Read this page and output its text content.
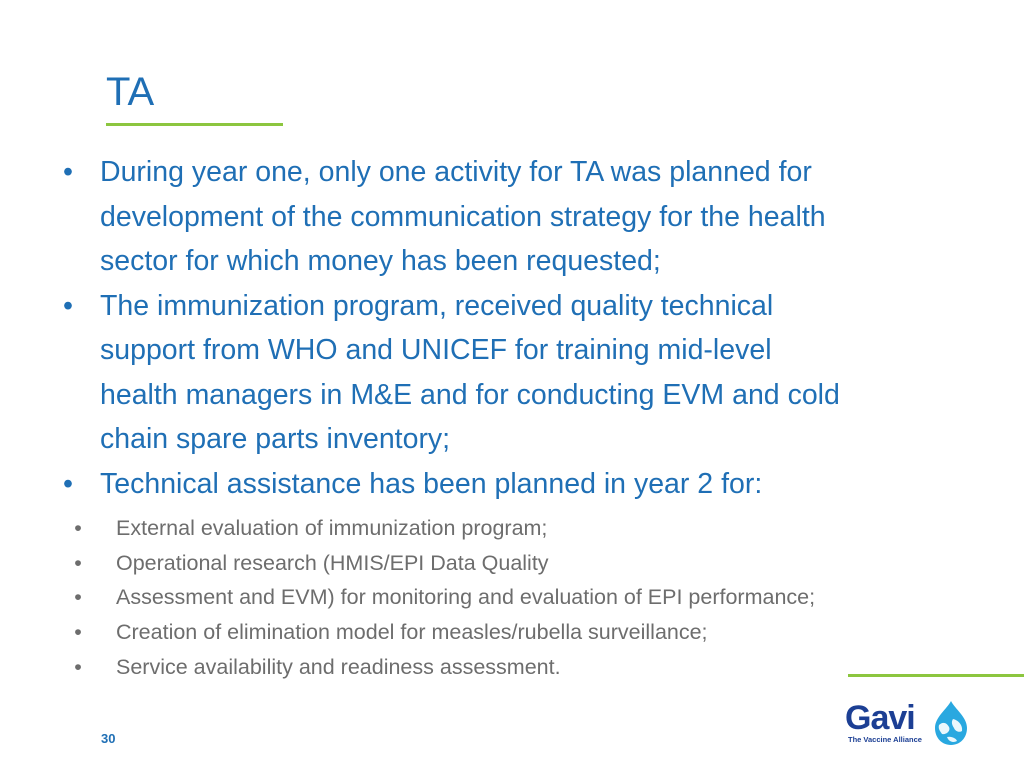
TA
• During year one, only one activity for TA was planned for
development of the communication strategy for the health
sector for which money has been requested;
• The immunization program, received quality technical
support from WHO and UNICEF for training mid-level
health managers in M&E and for conducting EVM and cold
chain spare parts inventory;
• Technical assistance has been planned in year 2 for:
• External evaluation of immunization program;
• Operational research (HMIS/EPI Data Quality
• Assessment and EVM) for monitoring and evaluation of EPI performance;
• Creation of elimination model for measles/rubella surveillance;
• Service availability and readiness assessment.
30
Gavi
The Vaccine Alliance
